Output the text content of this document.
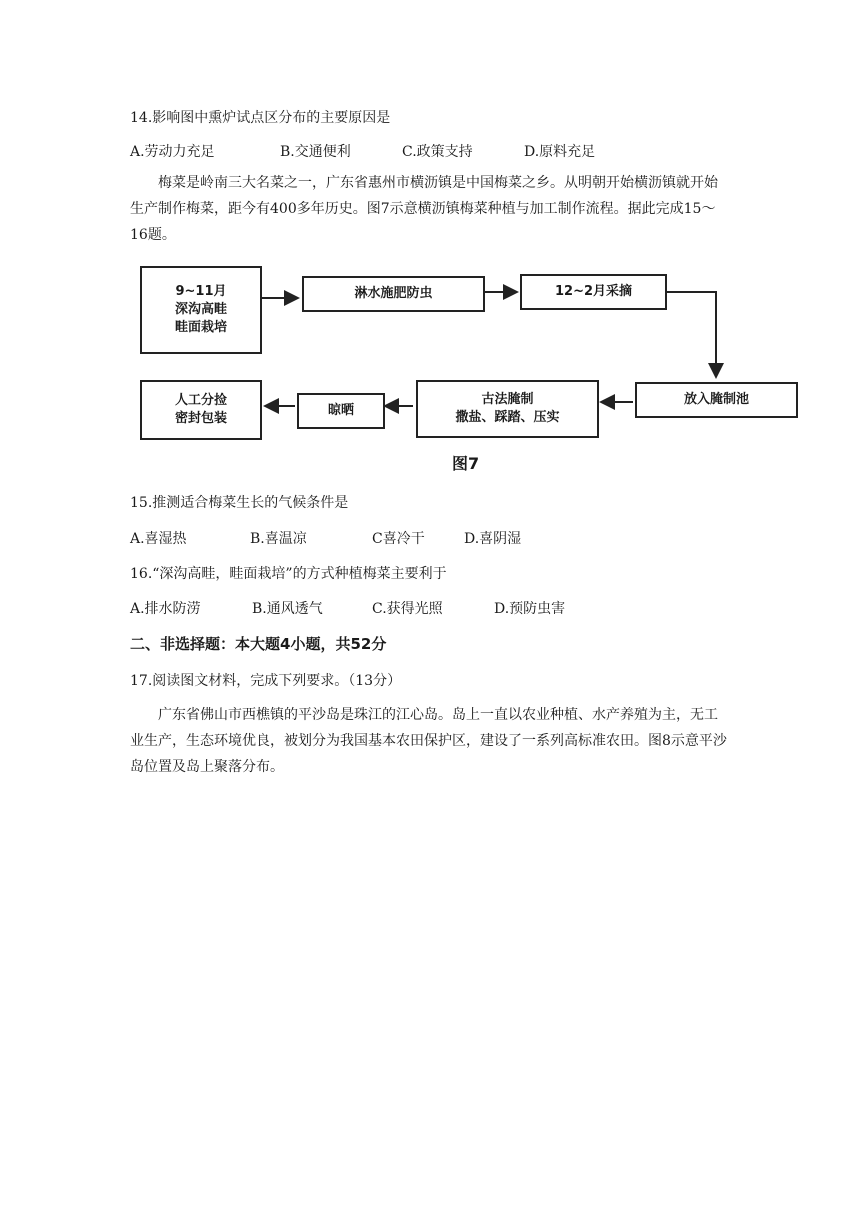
14.影响图中熏炉试点区分布的主要原因是
A.劳动力充足	B.交通便利	C.政策支持	D.原料充足
梅菜是岭南三大名菜之一，广东省惠州市横沥镇是中国梅菜之乡。从明朝开始横沥镇就开始生产制作梅菜，距今有400多年历史。图7示意横沥镇梅菜种植与加工制作流程。据此完成15～16题。
9~11月
深沟高畦
畦面栽培
淋水施肥防虫	12~2月采摘
放入腌制池
古法腌制
撒盐、踩踏、压实
晾晒
人工分捡
密封包装
图7
15.推测适合梅菜生长的气候条件是
A.喜湿热	B.喜温凉	C喜冷干	D.喜阴湿
16.“深沟高畦，畦面栽培”的方式种植梅菜主要利于
A.排水防涝	B.通风透气	C.获得光照	D.预防虫害
二、非选择题：本大题4小题，共52分
17.阅读图文材料，完成下列要求。（13分）
广东省佛山市西樵镇的平沙岛是珠江的江心岛。岛上一直以农业种植、水产养殖为主，无工业生产，生态环境优良，被划分为我国基本农田保护区，建设了一系列高标准农田。图8示意平沙岛位置及岛上聚落分布。
